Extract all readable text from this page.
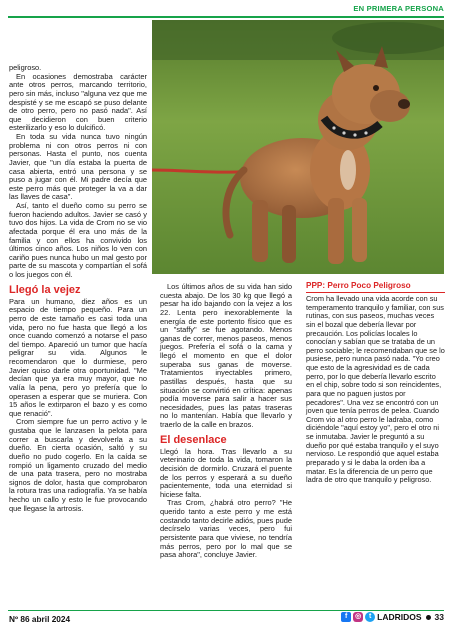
EN PRIMERA PERSONA

peligroso.

En ocasiones demostraba carácter ante otros perros, marcando territorio, pero sin más, incluso "alguna vez que me despisté y se me escapó se puso delante de otro perro, pero no pasó nada". Así que decidieron con buen criterio esterilizarlo y eso lo dulcificó.

En toda su vida nunca tuvo ningún problema ni con otros perros ni con personas. Hasta el punto, nos cuenta Javier, que "un día estaba la puerta de casa abierta, entró una persona y se puso a jugar con él. Mi padre decía que este perro más que proteger la va a dar las llaves de casa".

Así, tanto el dueño como su perro se fueron haciendo adultos. Javier se casó y tuvo dos hijos. La vida de Crom no se vio afectada porque él era uno más de la familia y con ellos ha convivido los últimos cinco años. Los niños lo ven con cariño pues nunca hubo un mal gesto por parte de su mascota y compartían el sofá o los juegos con él.

Llegó la vejez

Para un humano, diez años es un espacio de tiempo pequeño. Para un perro de este tamaño es casi toda una vida, pero no fue hasta que llegó a los once cuando comenzó a notarse el paso del tiempo. Apareció un tumor que hacía peligrar su vida. Algunos le recomendaron que lo durmiese, pero Javier quiso darle otra oportunidad. "Me decían que ya era muy mayor, que no valía la pena, pero yo prefería que lo operasen a esperar que se muriera. Con 15 años le extirparon el bazo y es como que renació".

Crom siempre fue un perro activo y le gustaba que le lanzasen la pelota para correr a buscarla y devolverla a su dueño. En cierta ocasión, saltó y su dueño no pudo cogerlo. En la caída se rompió un ligamento cruzado del medio de una pata trasera, pero no mostraba signos de dolor, hasta que comprobaron la rotura tras una radiografía. Ya se había hecho un callo y esto le fue provocando que llegase la artrosis.

Los últimos años de su vida han sido cuesta abajo. De los 30 kg que llegó a pesar ha ido bajando con la vejez a los 22. Lenta pero inexorablemente la energía de este portento físico que es un "staffy" se fue agotando. Menos ganas de correr, menos paseos, menos juegos. Prefería el sofá o la cama y llegó el momento en que el dolor superaba sus ganas de moverse. Tratamientos inyectables primero, pastillas después, hasta que su situación se convirtió en crítica: apenas podía moverse para salir a hacer sus necesidades, pues las patas traseras no lo mantenían. Había que llevarlo y traerlo de la calle en brazos.

El desenlace

Llegó la hora. Tras llevarlo a su veterinario de toda la vida, tomaron la decisión de dormirlo. Cruzará el puente de los perros y esperará a su dueño pacientemente, toda una eternidad si hiciese falta.

Tras Crom, ¿habrá otro perro? "He querido tanto a este perro y me está costando tanto decirle adiós, pues pude decírselo varias veces, pero fui persistente para que viviese, no tendría más perros, pero por lo mal que se pasa ahora", concluye Javier.

PPP: Perro Poco Peligroso

Crom ha llevado una vida acorde con su temperamento tranquilo y familiar, con sus rutinas, con sus paseos, muchas veces sin el bozal que debería llevar por precaución. Los policías locales lo conocían y sabían que se trataba de un perro sociable; le recomendaban que se lo pusiese, pero nunca pasó nada. "Yo creo que esto de la agresividad es de cada perro, por lo que debería llevarlo escrito en el chip, sobre todo si son reincidentes, para que no paguen justos por pecadores". Una vez se encontró con un joven que tenía perros de pelea. Cuando Crom vio al otro perro le ladraba, como diciéndole "aquí estoy yo", pero el otro ni se inmutaba. Javier le preguntó a su dueño por qué estaba tranquilo y el suyo nervioso. Le respondió que aquel estaba preparado y si le daba la orden iba a matar. Es la diferencia de un perro que ladra de otro que tranquilo y peligroso.

Nº 86 abril 2024	f	◎	t LADRIDOS 33
